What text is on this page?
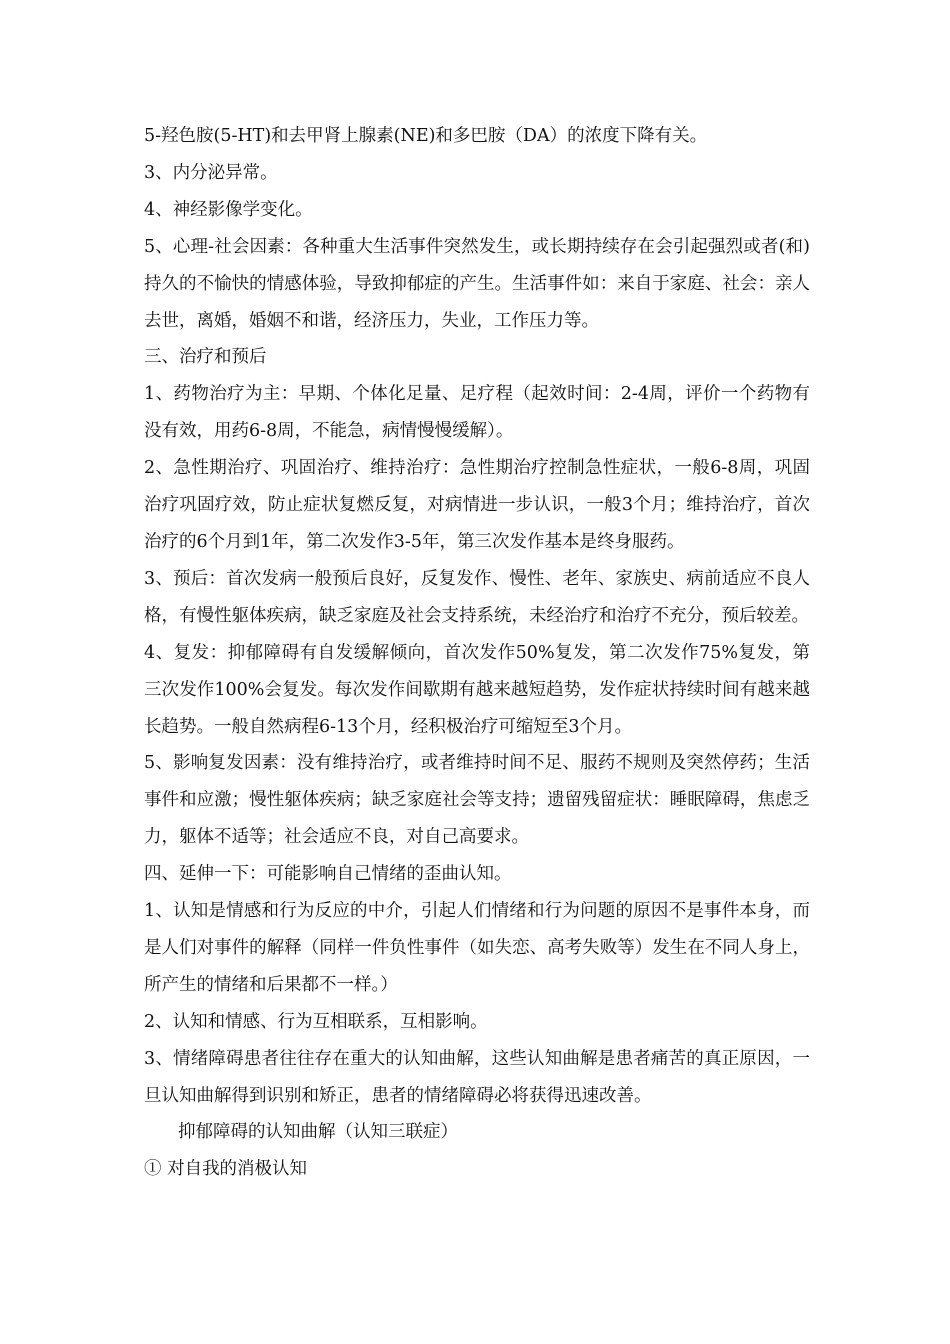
5-羟色胺(5-HT)和去甲肾上腺素(NE)和多巴胺（DA）的浓度下降有关。

3、内分泌异常。

4、神经影像学变化。

5、心理-社会因素：各种重大生活事件突然发生，或长期持续存在会引起强烈或者(和)持久的不愉快的情感体验，导致抑郁症的产生。生活事件如：来自于家庭、社会：亲人去世，离婚，婚姻不和谐，经济压力，失业，工作压力等。

三、治疗和预后

1、药物治疗为主：早期、个体化足量、足疗程（起效时间：2-4周，评价一个药物有没有效，用药6-8周，不能急，病情慢慢缓解）。

2、急性期治疗、巩固治疗、维持治疗：急性期治疗控制急性症状，一般6-8周，巩固治疗巩固疗效，防止症状复燃反复，对病情进一步认识，一般3个月；维持治疗，首次治疗的6个月到1年，第二次发作3-5年，第三次发作基本是终身服药。

3、预后：首次发病一般预后良好，反复发作、慢性、老年、家族史、病前适应不良人格，有慢性躯体疾病，缺乏家庭及社会支持系统，未经治疗和治疗不充分，预后较差。

4、复发：抑郁障碍有自发缓解倾向，首次发作50%复发，第二次发作75%复发，第三次发作100%会复发。每次发作间歇期有越来越短趋势，发作症状持续时间有越来越长趋势。一般自然病程6-13个月，经积极治疗可缩短至3个月。

5、影响复发因素：没有维持治疗，或者维持时间不足、服药不规则及突然停药；生活事件和应激；慢性躯体疾病；缺乏家庭社会等支持；遗留残留症状：睡眠障碍，焦虑乏力，躯体不适等；社会适应不良，对自己高要求。

四、延伸一下：可能影响自己情绪的歪曲认知。

1、认知是情感和行为反应的中介，引起人们情绪和行为问题的原因不是事件本身，而是人们对事件的解释（同样一件负性事件（如失恋、高考失败等）发生在不同人身上，所产生的情绪和后果都不一样。）

2、认知和情感、行为互相联系，互相影响。

3、情绪障碍患者往往存在重大的认知曲解，这些认知曲解是患者痛苦的真正原因，一旦认知曲解得到识别和矫正，患者的情绪障碍必将获得迅速改善。

抑郁障碍的认知曲解（认知三联症）

① 对自我的消极认知
